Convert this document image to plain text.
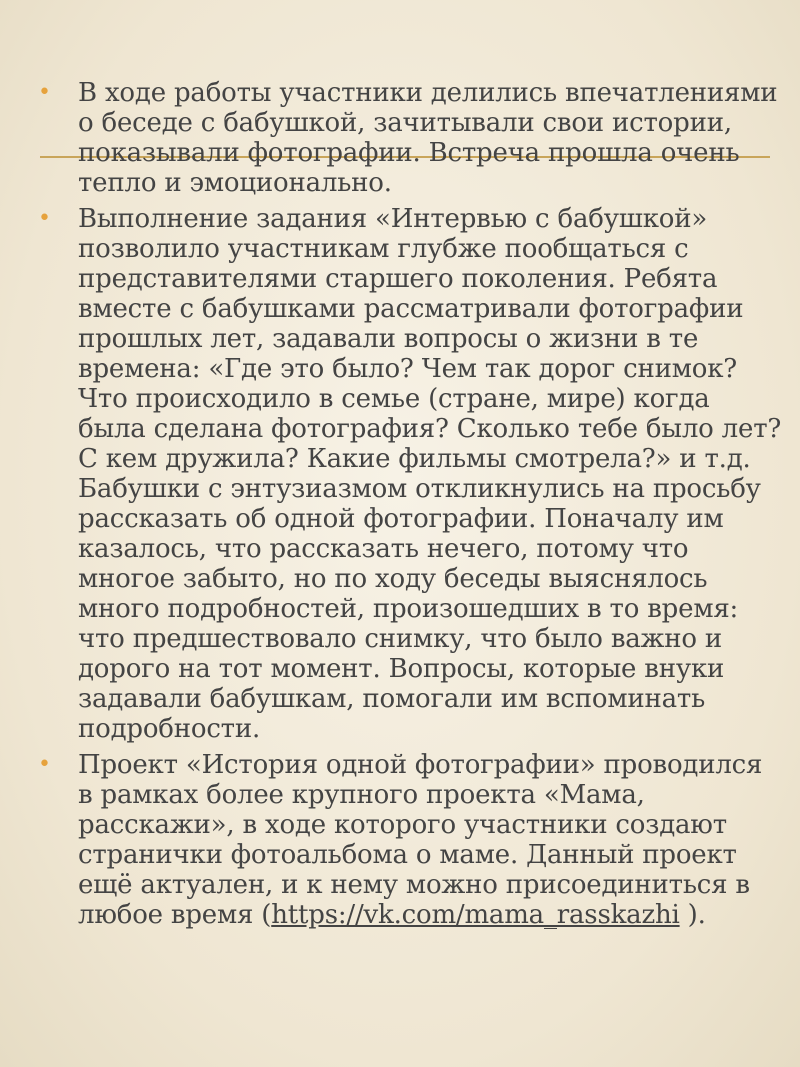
• В ходе работы участники делились впечатлениями о беседе с бабушкой, зачитывали свои истории, показывали фотографии. Встреча прошла очень тепло и эмоционально.

• Выполнение задания «Интервью с бабушкой» позволило участникам глубже пообщаться с представителями старшего поколения. Ребята вместе с бабушками рассматривали фотографии прошлых лет, задавали вопросы о жизни в те времена: «Где это было? Чем так дорог снимок? Что происходило в семье (стране, мире) когда была сделана фотография? Сколько тебе было лет? С кем дружила? Какие фильмы смотрела?» и т.д. Бабушки с энтузиазмом откликнулись на просьбу рассказать об одной фотографии. Поначалу им казалось, что рассказать нечего, потому что многое забыто, но по ходу беседы выяснялось много подробностей, произошедших в то время: что предшествовало снимку, что было важно и дорого на тот момент. Вопросы, которые внуки задавали бабушкам, помогали им вспоминать подробности.

• Проект «История одной фотографии» проводился в рамках более крупного проекта «Мама, расскажи», в ходе которого участники создают странички фотоальбома о маме. Данный проект ещё актуален, и к нему можно присоединиться в любое время (https://vk.com/mama_rasskazhi ).
